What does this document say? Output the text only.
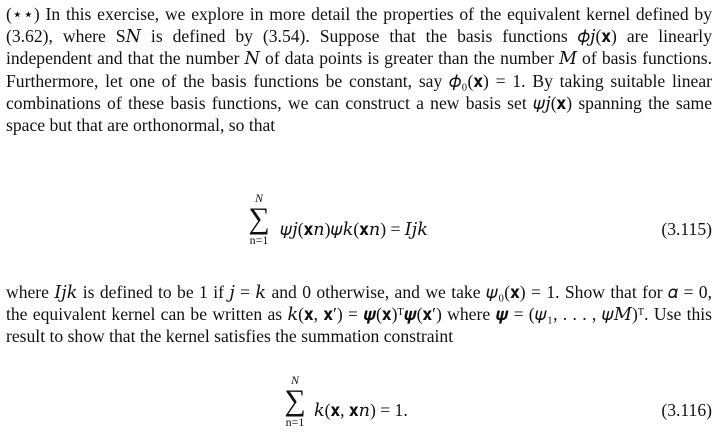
(⋆⋆) In this exercise, we explore in more detail the properties of the equivalent kernel defined by (3.62), where S𝑁 is defined by (3.54). Suppose that the basis functions 𝜙𝑗(𝐱) are linearly independent and that the number 𝑁 of data points is greater than the number 𝑀 of basis functions. Furthermore, let one of the basis functions be constant, say 𝜙₀(𝐱) = 1. By taking suitable linear combinations of these basis functions, we can construct a new basis set 𝜓𝑗(𝐱) spanning the same space but that are orthonormal, so that

N
∑
n=1
𝜓𝑗(𝐱𝑛)𝜓𝑘(𝐱𝑛) = 𝐼𝑗𝑘	(3.115)

where 𝐼𝑗𝑘 is defined to be 1 if 𝑗 = 𝑘 and 0 otherwise, and we take 𝜓₀(𝐱) = 1. Show that for 𝛼 = 0, the equivalent kernel can be written as 𝑘(𝐱, 𝐱′) = 𝝍(𝐱)ᵀ𝝍(𝐱′) where 𝝍 = (𝜓₁, . . . , 𝜓𝑀)ᵀ. Use this result to show that the kernel satisfies the summation constraint

N
∑
n=1
𝑘(𝐱, 𝐱𝑛) = 1.	(3.116)
